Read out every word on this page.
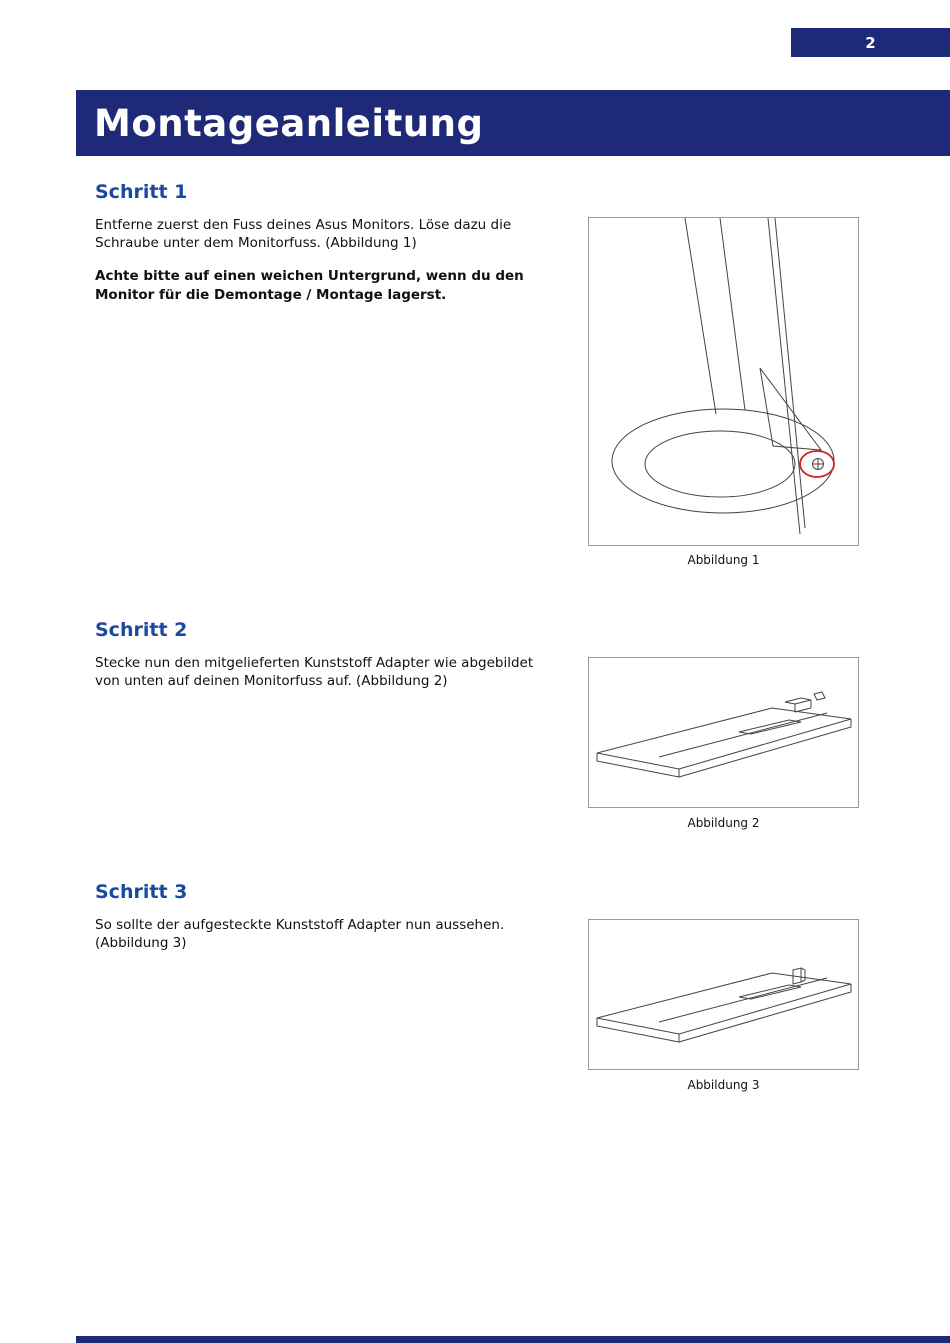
2
Montageanleitung
Schritt 1

Entferne zuerst den Fuss deines Asus Monitors. Löse dazu die Schraube unter dem Monitorfuss. (Abbildung 1)

Achte bitte auf einen weichen Untergrund, wenn du den Monitor für die Demontage / Montage lagerst.

Abbildung 1
Schritt 2

Stecke nun den mitgelieferten Kunststoff Adapter wie abgebildet von unten auf deinen Monitorfuss auf. (Abbildung 2)

Abbildung 2
Schritt 3

So sollte der aufgesteckte Kunststoff Adapter nun aussehen. (Abbildung 3)

Abbildung 3
